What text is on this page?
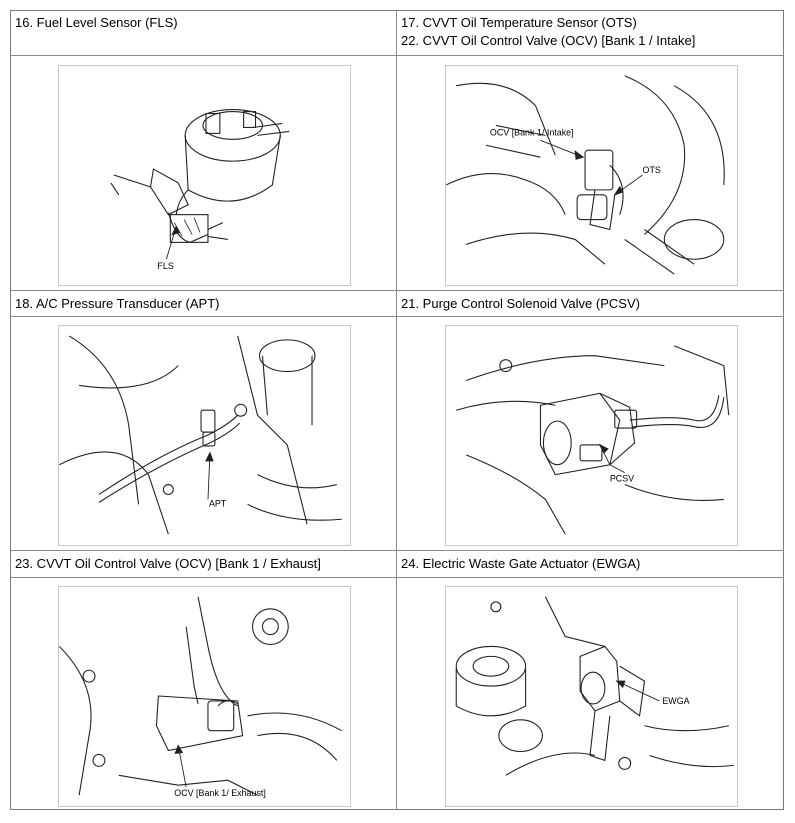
16. Fuel Level Sensor (FLS)	17. CVVT Oil Temperature Sensor (OTS)
22. CVVT Oil Control Valve (OCV) [Bank 1 / Intake]
18. A/C Pressure Transducer (APT)	21. Purge Control Solenoid Valve (PCSV)
23. CVVT Oil Control Valve (OCV) [Bank 1 / Exhaust]	24. Electric Waste Gate Actuator (EWGA)
FLS
OCV [Bank 1/ Intake]
OTS
APT
PCSV
OCV [Bank 1/ Exhaust]
EWGA
